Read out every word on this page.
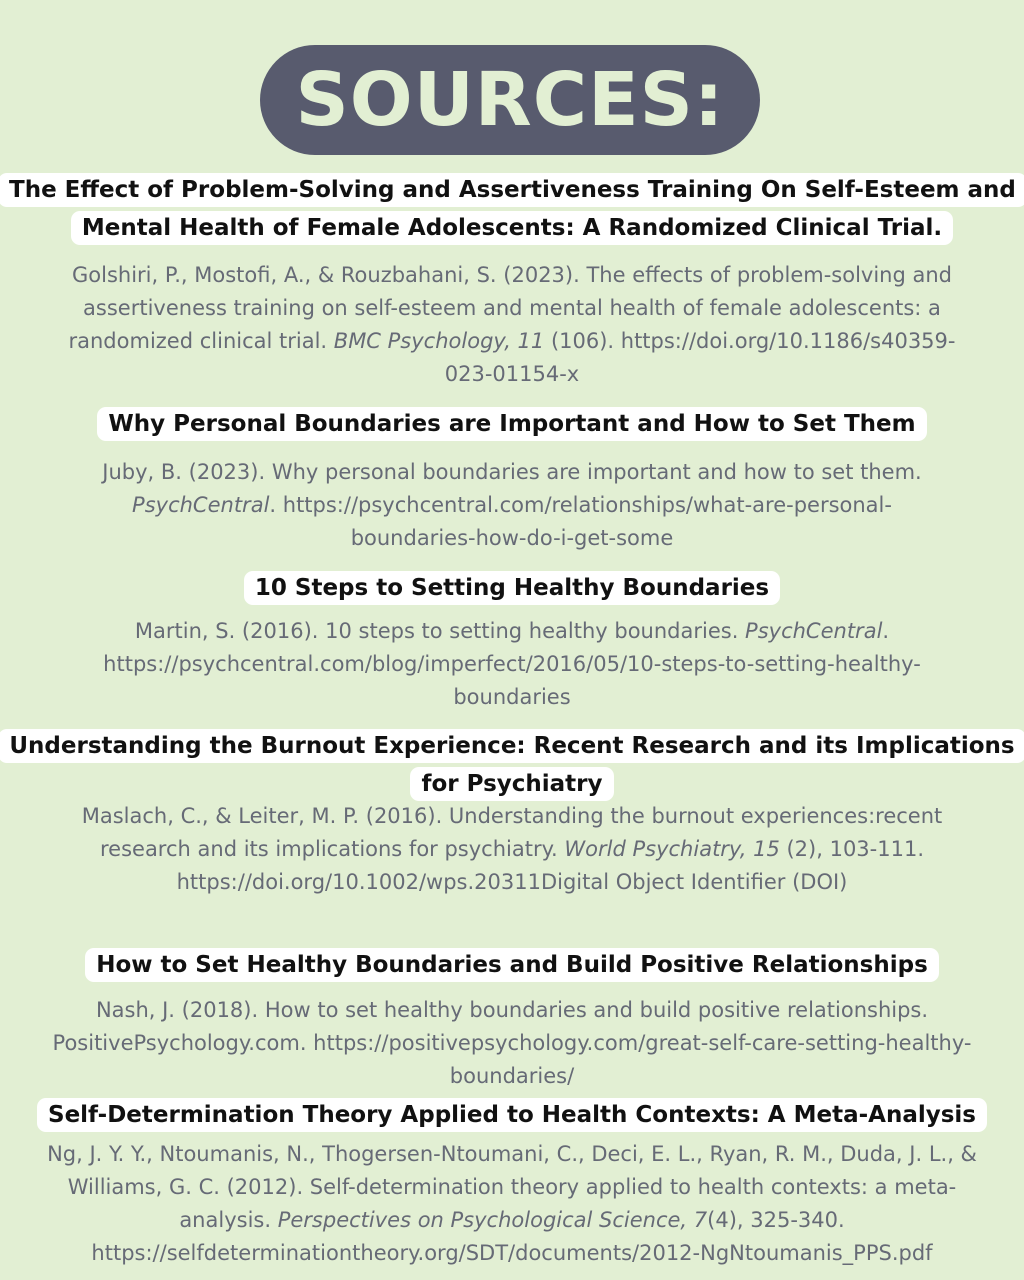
SOURCES:
The Effect of Problem-Solving and Assertiveness Training On Self-Esteem and Mental Health of Female Adolescents: A Randomized Clinical Trial.

Golshiri, P., Mostofi, A., & Rouzbahani, S. (2023). The effects of problem-solving and assertiveness training on self-esteem and mental health of female adolescents: a randomized clinical trial. BMC Psychology, 11 (106). https://doi.org/10.1186/s40359-023-01154-x

Why Personal Boundaries are Important and How to Set Them

Juby, B. (2023). Why personal boundaries are important and how to set them. PsychCentral. https://psychcentral.com/relationships/what-are-personal-boundaries-how-do-i-get-some

10 Steps to Setting Healthy Boundaries

Martin, S. (2016). 10 steps to setting healthy boundaries. PsychCentral. https://psychcentral.com/blog/imperfect/2016/05/10-steps-to-setting-healthy-boundaries

Understanding the Burnout Experience: Recent Research and its Implications for Psychiatry

Maslach, C., & Leiter, M. P. (2016). Understanding the burnout experiences:recent research and its implications for psychiatry. World Psychiatry, 15 (2), 103-111. https://doi.org/10.1002/wps.20311Digital Object Identifier (DOI)

How to Set Healthy Boundaries and Build Positive Relationships

Nash, J. (2018). How to set healthy boundaries and build positive relationships. PositivePsychology.com. https://positivepsychology.com/great-self-care-setting-healthy-boundaries/

Self-Determination Theory Applied to Health Contexts: A Meta-Analysis

Ng, J. Y. Y., Ntoumanis, N., Thogersen-Ntoumani, C., Deci, E. L., Ryan, R. M., Duda, J. L., & Williams, G. C. (2012). Self-determination theory applied to health contexts: a meta-analysis. Perspectives on Psychological Science, 7(4), 325-340. https://selfdeterminationtheory.org/SDT/documents/2012-NgNtoumanis_PPS.pdf
